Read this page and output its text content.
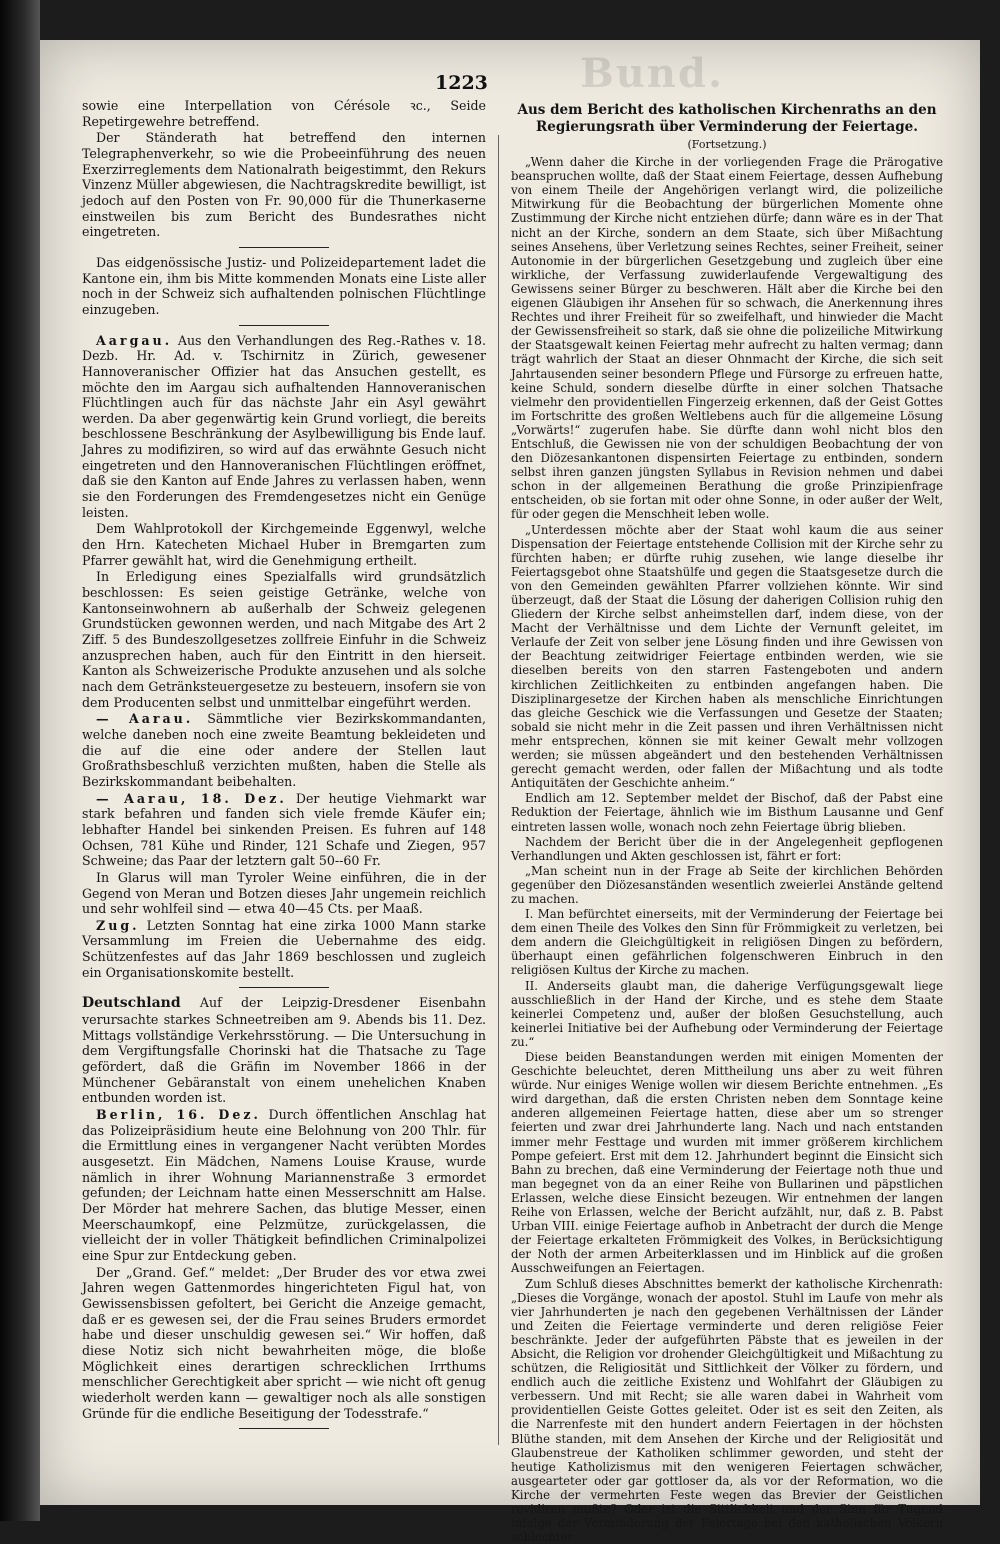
Bund.
1223

sowie eine Interpellation von Cérésole ꝛc., Seide Repetirgewehre betreffend.

Der Ständerath hat betreffend den internen Telegraphenverkehr, so wie die Probeeinführung des neuen Exerzirreglements dem Nationalrath beigestimmt, den Rekurs Vinzenz Müller abgewiesen, die Nachtragskredite bewilligt, ist jedoch auf den Posten von Fr. 90,000 für die Thunerkaserne einstweilen bis zum Bericht des Bundesrathes nicht eingetreten.

Das eidgenössische Justiz- und Polizeidepartement ladet die Kantone ein, ihm bis Mitte kommenden Monats eine Liste aller noch in der Schweiz sich aufhaltenden polnischen Flüchtlinge einzugeben.

Aargau. Aus den Verhandlungen des Reg.-Rathes v. 18. Dezb. Hr. Ad. v. Tschirnitz in Zürich, gewesener Hannoveranischer Offizier hat das Ansuchen gestellt, es möchte den im Aargau sich aufhaltenden Hannoveranischen Flüchtlingen auch für das nächste Jahr ein Asyl gewährt werden. Da aber gegenwärtig kein Grund vorliegt, die bereits beschlossene Beschränkung der Asylbewilligung bis Ende lauf. Jahres zu modifiziren, so wird auf das erwähnte Gesuch nicht eingetreten und den Hannoveranischen Flüchtlingen eröffnet, daß sie den Kanton auf Ende Jahres zu verlassen haben, wenn sie den Forderungen des Fremdengesetzes nicht ein Genüge leisten.

Dem Wahlprotokoll der Kirchgemeinde Eggenwyl, welche den Hrn. Katecheten Michael Huber in Bremgarten zum Pfarrer gewählt hat, wird die Genehmigung ertheilt.

In Erledigung eines Spezialfalls wird grundsätzlich beschlossen: Es seien geistige Getränke, welche von Kantonseinwohnern ab außerhalb der Schweiz gelegenen Grundstücken gewonnen werden, und nach Mitgabe des Art 2 Ziff. 5 des Bundeszollgesetzes zollfreie Einfuhr in die Schweiz anzusprechen haben, auch für den Eintritt in den hierseit. Kanton als Schweizerische Produkte anzusehen und als solche nach dem Getränksteuergesetze zu besteuern, insofern sie von dem Producenten selbst und unmittelbar eingeführt werden.

— Aarau. Sämmtliche vier Bezirkskommandanten, welche daneben noch eine zweite Beamtung bekleideten und die auf die eine oder andere der Stellen laut Großrathsbeschluß verzichten mußten, haben die Stelle als Bezirkskommandant beibehalten.

— Aarau, 18. Dez. Der heutige Viehmarkt war stark befahren und fanden sich viele fremde Käufer ein; lebhafter Handel bei sinkenden Preisen. Es fuhren auf 148 Ochsen, 781 Kühe und Rinder, 121 Schafe und Ziegen, 957 Schweine; das Paar der letztern galt 50--60 Fr.

In Glarus will man Tyroler Weine einführen, die in der Gegend von Meran und Botzen dieses Jahr ungemein reichlich und sehr wohlfeil sind — etwa 40—45 Cts. per Maaß.

Zug. Letzten Sonntag hat eine zirka 1000 Mann starke Versammlung im Freien die Uebernahme des eidg. Schützenfestes auf das Jahr 1869 beschlossen und zugleich ein Organisationskomite bestellt.

Deutschland Auf der Leipzig-Dresdener Eisenbahn verursachte starkes Schneetreiben am 9. Abends bis 11. Dez. Mittags vollständige Verkehrsstörung. — Die Untersuchung in dem Vergiftungsfalle Chorinski hat die Thatsache zu Tage gefördert, daß die Gräfin im November 1866 in der Münchener Gebäranstalt von einem unehelichen Knaben entbunden worden ist.

Berlin, 16. Dez. Durch öffentlichen Anschlag hat das Polizeipräsidium heute eine Belohnung von 200 Thlr. für die Ermittlung eines in vergangener Nacht verübten Mordes ausgesetzt. Ein Mädchen, Namens Louise Krause, wurde nämlich in ihrer Wohnung Mariannenstraße 3 ermordet gefunden; der Leichnam hatte einen Messerschnitt am Halse. Der Mörder hat mehrere Sachen, das blutige Messer, einen Meerschaumkopf, eine Pelzmütze, zurückgelassen, die vielleicht der in voller Thätigkeit befindlichen Criminalpolizei eine Spur zur Entdeckung geben.

Der „Grand. Gef.“ meldet: „Der Bruder des vor etwa zwei Jahren wegen Gattenmordes hingerichteten Figul hat, von Gewissensbissen gefoltert, bei Gericht die Anzeige gemacht, daß er es gewesen sei, der die Frau seines Bruders ermordet habe und dieser unschuldig gewesen sei.“ Wir hoffen, daß diese Notiz sich nicht bewahrheiten möge, die bloße Möglichkeit eines derartigen schrecklichen Irrthums menschlicher Gerechtigkeit aber spricht — wie nicht oft genug wiederholt werden kann — gewaltiger noch als alle sonstigen Gründe für die endliche Beseitigung der Todesstrafe.“

Aus dem Bericht des katholischen Kirchenraths an den Regierungsrath über Verminderung der Feiertage.
(Fortsetzung.)

„Wenn daher die Kirche in der vorliegenden Frage die Prärogative beanspruchen wollte, daß der Staat einem Feiertage, dessen Aufhebung von einem Theile der Angehörigen verlangt wird, die polizeiliche Mitwirkung für die Beobachtung der bürgerlichen Momente ohne Zustimmung der Kirche nicht entziehen dürfe; dann wäre es in der That nicht an der Kirche, sondern an dem Staate, sich über Mißachtung seines Ansehens, über Verletzung seines Rechtes, seiner Freiheit, seiner Autonomie in der bürgerlichen Gesetzgebung und zugleich über eine wirkliche, der Verfassung zuwiderlaufende Vergewaltigung des Gewissens seiner Bürger zu beschweren. Hält aber die Kirche bei den eigenen Gläubigen ihr Ansehen für so schwach, die Anerkennung ihres Rechtes und ihrer Freiheit für so zweifelhaft, und hinwieder die Macht der Gewissensfreiheit so stark, daß sie ohne die polizeiliche Mitwirkung der Staatsgewalt keinen Feiertag mehr aufrecht zu halten vermag; dann trägt wahrlich der Staat an dieser Ohnmacht der Kirche, die sich seit Jahrtausenden seiner besondern Pflege und Fürsorge zu erfreuen hatte, keine Schuld, sondern dieselbe dürfte in einer solchen Thatsache vielmehr den providentiellen Fingerzeig erkennen, daß der Geist Gottes im Fortschritte des großen Weltlebens auch für die allgemeine Lösung „Vorwärts!“ zugerufen habe. Sie dürfte dann wohl nicht blos den Entschluß, die Gewissen nie von der schuldigen Beobachtung der von den Diözesankantonen dispensirten Feiertage zu entbinden, sondern selbst ihren ganzen jüngsten Syllabus in Revision nehmen und dabei schon in der allgemeinen Berathung die große Prinzipienfrage entscheiden, ob sie fortan mit oder ohne Sonne, in oder außer der Welt, für oder gegen die Menschheit leben wolle.

„Unterdessen möchte aber der Staat wohl kaum die aus seiner Dispensation der Feiertage entstehende Collision mit der Kirche sehr zu fürchten haben; er dürfte ruhig zusehen, wie lange dieselbe ihr Feiertagsgebot ohne Staatshülfe und gegen die Staatsgesetze durch die von den Gemeinden gewählten Pfarrer vollziehen könnte. Wir sind überzeugt, daß der Staat die Lösung der daherigen Collision ruhig den Gliedern der Kirche selbst anheimstellen darf, indem diese, von der Macht der Verhältnisse und dem Lichte der Vernunft geleitet, im Verlaufe der Zeit von selber jene Lösung finden und ihre Gewissen von der Beachtung zeitwidriger Feiertage entbinden werden, wie sie dieselben bereits von den starren Fastengeboten und andern kirchlichen Zeitlichkeiten zu entbinden angefangen haben. Die Disziplinargesetze der Kirchen haben als menschliche Einrichtungen das gleiche Geschick wie die Verfassungen und Gesetze der Staaten; sobald sie nicht mehr in die Zeit passen und ihren Verhältnissen nicht mehr entsprechen, können sie mit keiner Gewalt mehr vollzogen werden; sie müssen abgeändert und den bestehenden Verhältnissen gerecht gemacht werden, oder fallen der Mißachtung und als todte Antiquitäten der Geschichte anheim.“

Endlich am 12. September meldet der Bischof, daß der Pabst eine Reduktion der Feiertage, ähnlich wie im Bisthum Lausanne und Genf eintreten lassen wolle, wonach noch zehn Feiertage übrig blieben.

Nachdem der Bericht über die in der Angelegenheit gepflogenen Verhandlungen und Akten geschlossen ist, fährt er fort:

„Man scheint nun in der Frage ab Seite der kirchlichen Behörden gegenüber den Diözesanständen wesentlich zweierlei Anstände geltend zu machen.

I. Man befürchtet einerseits, mit der Verminderung der Feiertage bei dem einen Theile des Volkes den Sinn für Frömmigkeit zu verletzen, bei dem andern die Gleichgültigkeit in religiösen Dingen zu befördern, überhaupt einen gefährlichen folgenschweren Einbruch in den religiösen Kultus der Kirche zu machen.

II. Anderseits glaubt man, die daherige Verfügungsgewalt liege ausschließlich in der Hand der Kirche, und es stehe dem Staate keinerlei Competenz und, außer der bloßen Gesuchstellung, auch keinerlei Initiative bei der Aufhebung oder Verminderung der Feiertage zu.“

Diese beiden Beanstandungen werden mit einigen Momenten der Geschichte beleuchtet, deren Mittheilung uns aber zu weit führen würde. Nur einiges Wenige wollen wir diesem Berichte entnehmen. „Es wird dargethan, daß die ersten Christen neben dem Sonntage keine anderen allgemeinen Feiertage hatten, diese aber um so strenger feierten und zwar drei Jahrhunderte lang. Nach und nach entstanden immer mehr Festtage und wurden mit immer größerem kirchlichem Pompe gefeiert. Erst mit dem 12. Jahrhundert beginnt die Einsicht sich Bahn zu brechen, daß eine Verminderung der Feiertage noth thue und man begegnet von da an einer Reihe von Bullarinen und päpstlichen Erlassen, welche diese Einsicht bezeugen. Wir entnehmen der langen Reihe von Erlassen, welche der Bericht aufzählt, nur, daß z. B. Pabst Urban VIII. einige Feiertage aufhob in Anbetracht der durch die Menge der Feiertage erkalteten Frömmigkeit des Volkes, in Berücksichtigung der Noth der armen Arbeiterklassen und im Hinblick auf die großen Ausschweifungen an Feiertagen.

Zum Schluß dieses Abschnittes bemerkt der katholische Kirchenrath: „Dieses die Vorgänge, wonach der apostol. Stuhl im Laufe von mehr als vier Jahrhunderten je nach den gegebenen Verhältnissen der Länder und Zeiten die Feiertage verminderte und deren religiöse Feier beschränkte. Jeder der aufgeführten Päbste that es jeweilen in der Absicht, die Religion vor drohender Gleichgültigkeit und Mißachtung zu schützen, die Religiosität und Sittlichkeit der Völker zu fördern, und endlich auch die zeitliche Existenz und Wohlfahrt der Gläubigen zu verbessern. Und mit Recht; sie alle waren dabei in Wahrheit vom providentiellen Geiste Gottes geleitet. Oder ist es seit den Zeiten, als die Narrenfeste mit den hundert andern Feiertagen in der höchsten Blüthe standen, mit dem Ansehen der Kirche und der Religiosität und Glaubenstreue der Katholiken schlimmer geworden, und steht der heutige Katholizismus mit den wenigeren Feiertagen schwächer, ausgearteter oder gar gottloser da, als vor der Reformation, wo die Kirche der vermehrten Feste wegen das Brevier der Geistlichen revidiren mußte? Oder ist die Sittlichkeit und der Sinn für Tugend infolge der Verminderung der Feiertage bei den katholischen Völkern schlechter
